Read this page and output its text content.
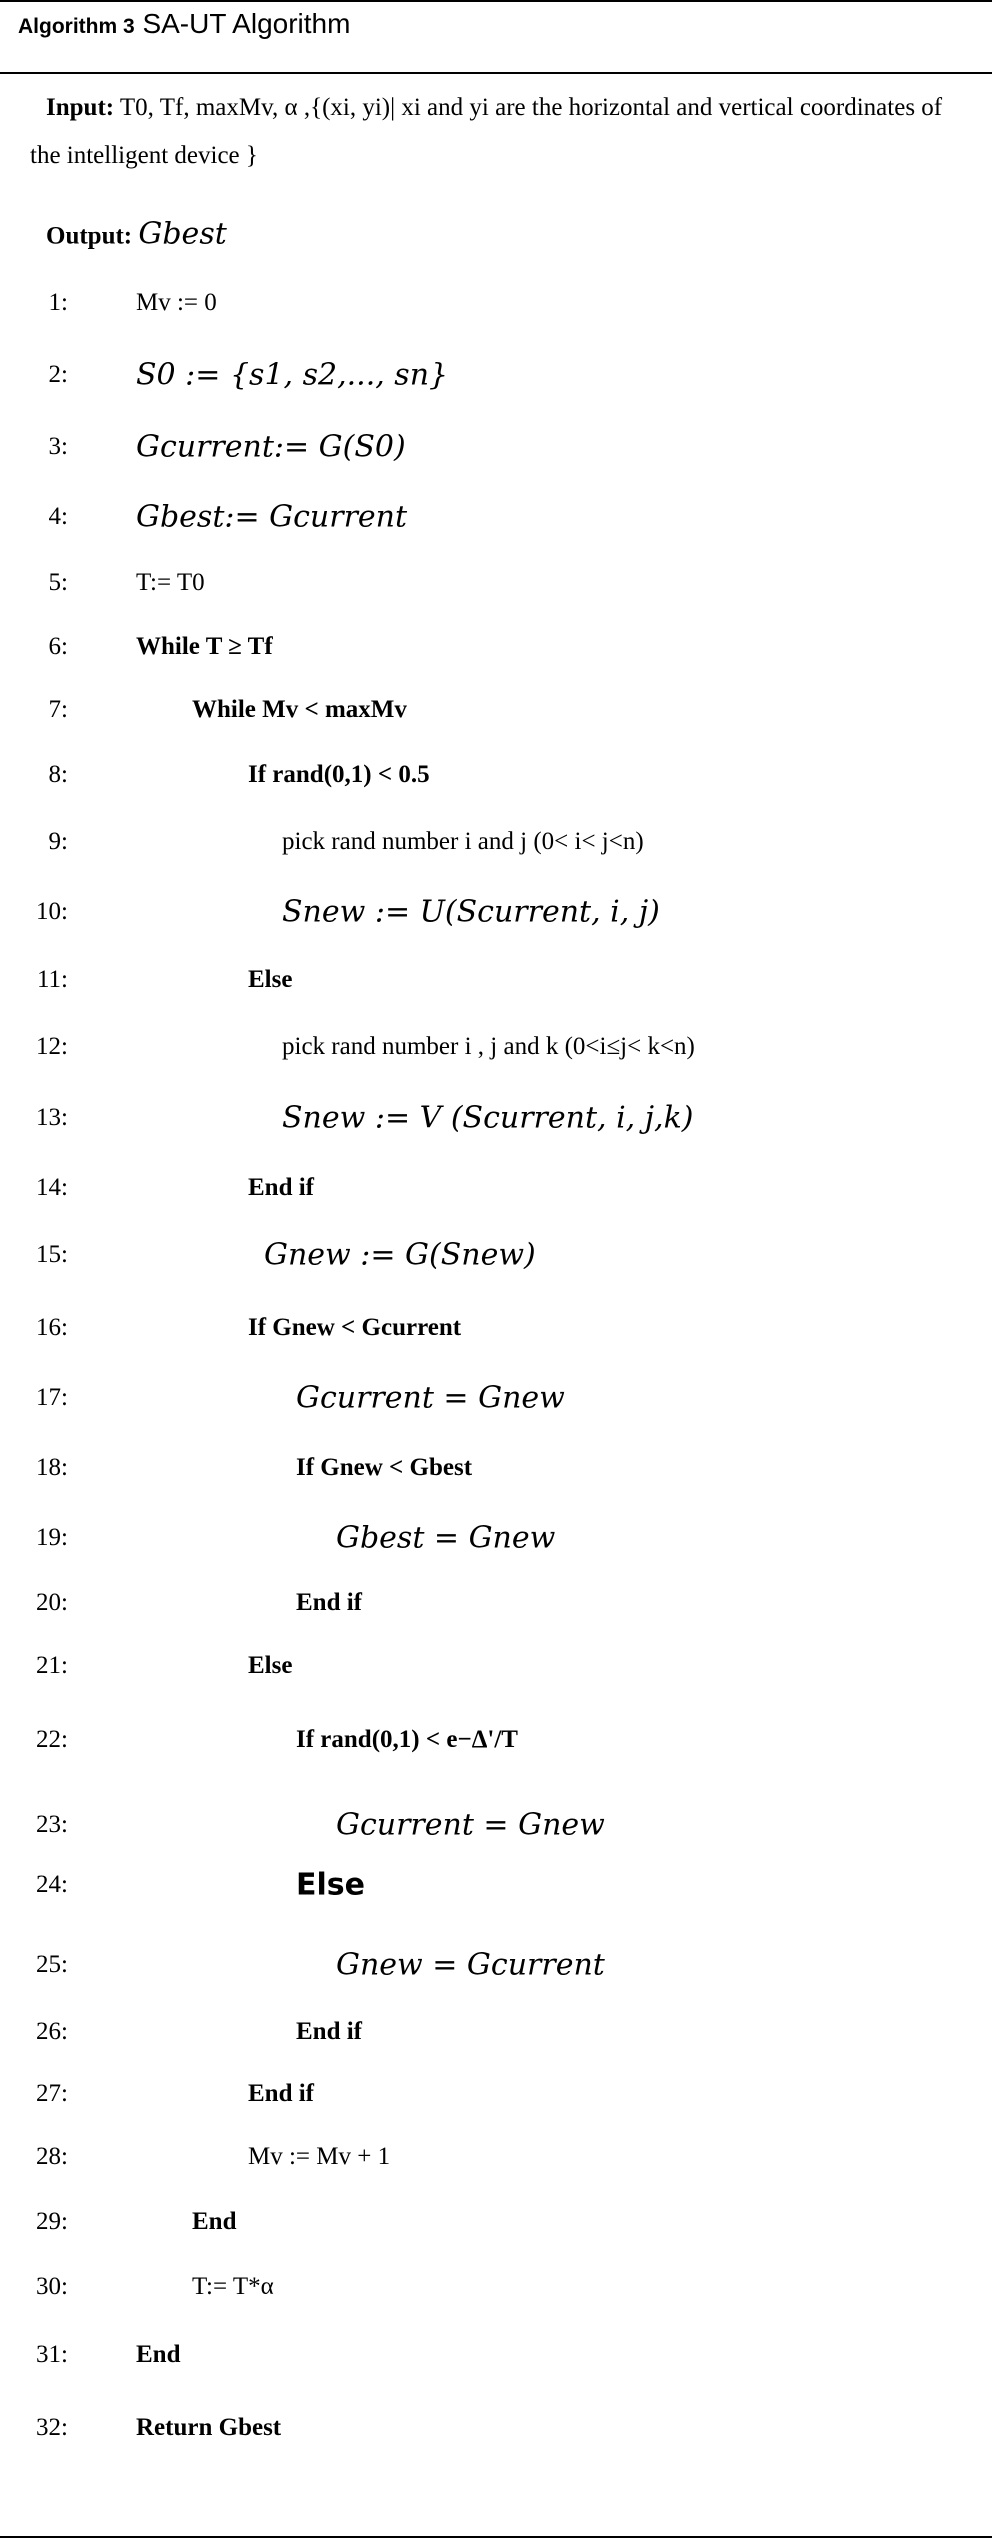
Algorithm 3 SA-UT Algorithm
Input: T0, Tf, maxMv, α ,{(xi, yi)| xi and yi are the horizontal and vertical coordinates of the intelligent device }
Output: Gbest
1:	Mv := 0
2: S0 := {s1, s2,..., sn}
3: Gcurrent:= G(S0)
4: Gbest:= Gcurrent
5:	T:= T0
6:	While T ≥ Tf
7:	While Mv < maxMv
8:	If rand(0,1) < 0.5
9:	pick rand number i and j (0< i< j<n)
10:	Snew := U(Scurrent, i, j)
11:	Else
12:	pick rand number i , j and k (0<i≤j< k<n)
13:	Snew := V (Scurrent, i, j,k)
14:	End if
15:	Gnew := G(Snew)
16:	If Gnew < Gcurrent
17:	Gcurrent = Gnew
18:	If Gnew < Gbest
19:	Gbest = Gnew
20:	End if
21:	Else
22:	If rand(0,1) < e−Δ'/T
23:	Gcurrent = Gnew
24:	Else
25:	Gnew = Gcurrent
26:	End if
27:	End if
28:	Mv := Mv + 1
29:	End
30:	T:= T*α
31:	End
32:	Return Gbest
